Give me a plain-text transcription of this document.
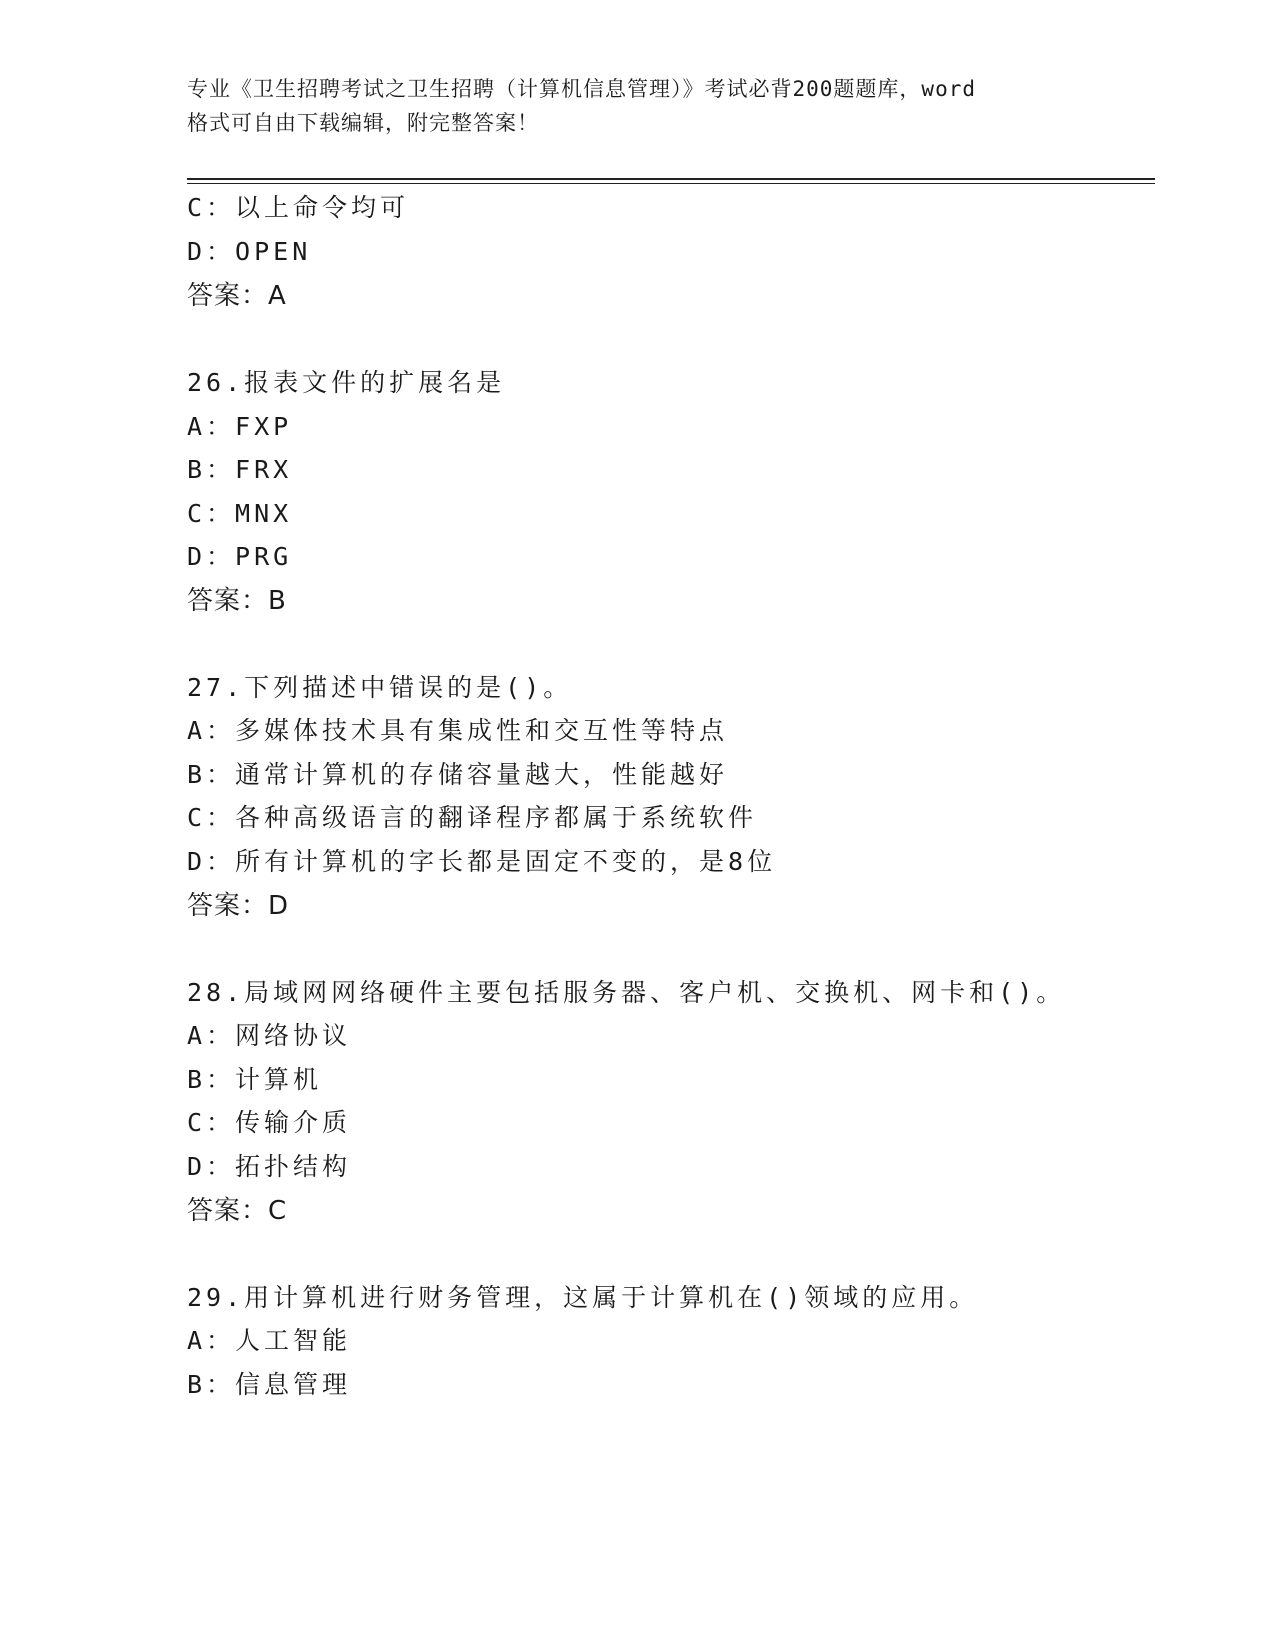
专业《卫生招聘考试之卫生招聘（计算机信息管理）》考试必背200题题库，word
格式可自由下载编辑，附完整答案！
C：以上命令均可
D：OPEN
答案：A
26.报表文件的扩展名是
A：FXP
B：FRX
C：MNX
D：PRG
答案：B
27.下列描述中错误的是()。
A：多媒体技术具有集成性和交互性等特点
B：通常计算机的存储容量越大，性能越好
C：各种高级语言的翻译程序都属于系统软件
D：所有计算机的字长都是固定不变的，是8位
答案：D
28.局域网网络硬件主要包括服务器、客户机、交换机、网卡和()。
A：网络协议
B：计算机
C：传输介质
D：拓扑结构
答案：C
29.用计算机进行财务管理，这属于计算机在()领域的应用。
A：人工智能
B：信息管理
